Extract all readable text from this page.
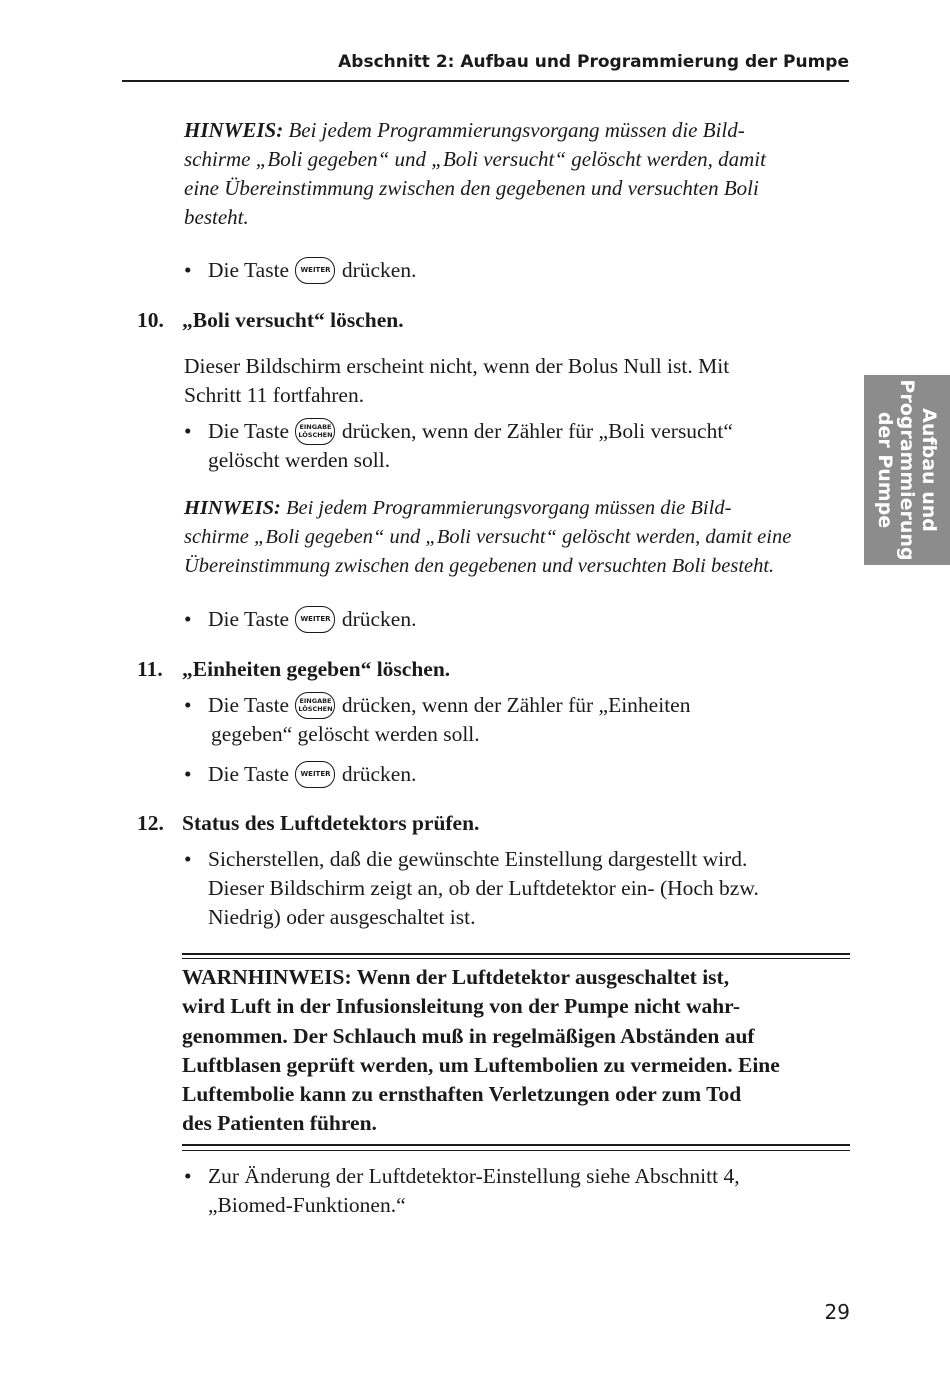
Abschnitt 2: Aufbau und Programmierung der Pumpe
Aufbau und
Programmierung
der Pumpe
HINWEIS: Bei jedem Programmierungsvorgang müssen die Bild-
schirme „Boli gegeben“ und „Boli versucht“ gelöscht werden, damit
eine Übereinstimmung zwischen den gegebenen und versuchten Boli
besteht.
• Die Taste WEITER drücken.
10. „Boli versucht“ löschen.
Dieser Bildschirm erscheint nicht, wenn der Bolus Null ist. Mit
Schritt 11 fortfahren.
• Die Taste	EINGABE
LÖSCHEN drücken, wenn der Zähler für „Boli versucht“
gelöscht werden soll.
HINWEIS: Bei jedem Programmierungsvorgang müssen die Bild-
schirme „Boli gegeben“ und „Boli versucht“ gelöscht werden, damit eine
Übereinstimmung zwischen den gegebenen und versuchten Boli besteht.
• Die Taste WEITER drücken.
11. „Einheiten gegeben“ löschen.
• Die Taste	EINGABE
LÖSCHEN drücken, wenn der Zähler für „Einheiten
gegeben“ gelöscht werden soll.
• Die Taste WEITER drücken.
12. Status des Luftdetektors prüfen.
• Sicherstellen, daß die gewünschte Einstellung dargestellt wird.
Dieser Bildschirm zeigt an, ob der Luftdetektor ein- (Hoch bzw.
Niedrig) oder ausgeschaltet ist.
WARNHINWEIS: Wenn der Luftdetektor ausgeschaltet ist,
wird Luft in der Infusionsleitung von der Pumpe nicht wahr-
genommen. Der Schlauch muß in regelmäßigen Abständen auf
Luftblasen geprüft werden, um Luftembolien zu vermeiden. Eine
Luftembolie kann zu ernsthaften Verletzungen oder zum Tod
des Patienten führen.
• Zur Änderung der Luftdetektor-Einstellung siehe Abschnitt 4,
„Biomed-Funktionen.“
29
